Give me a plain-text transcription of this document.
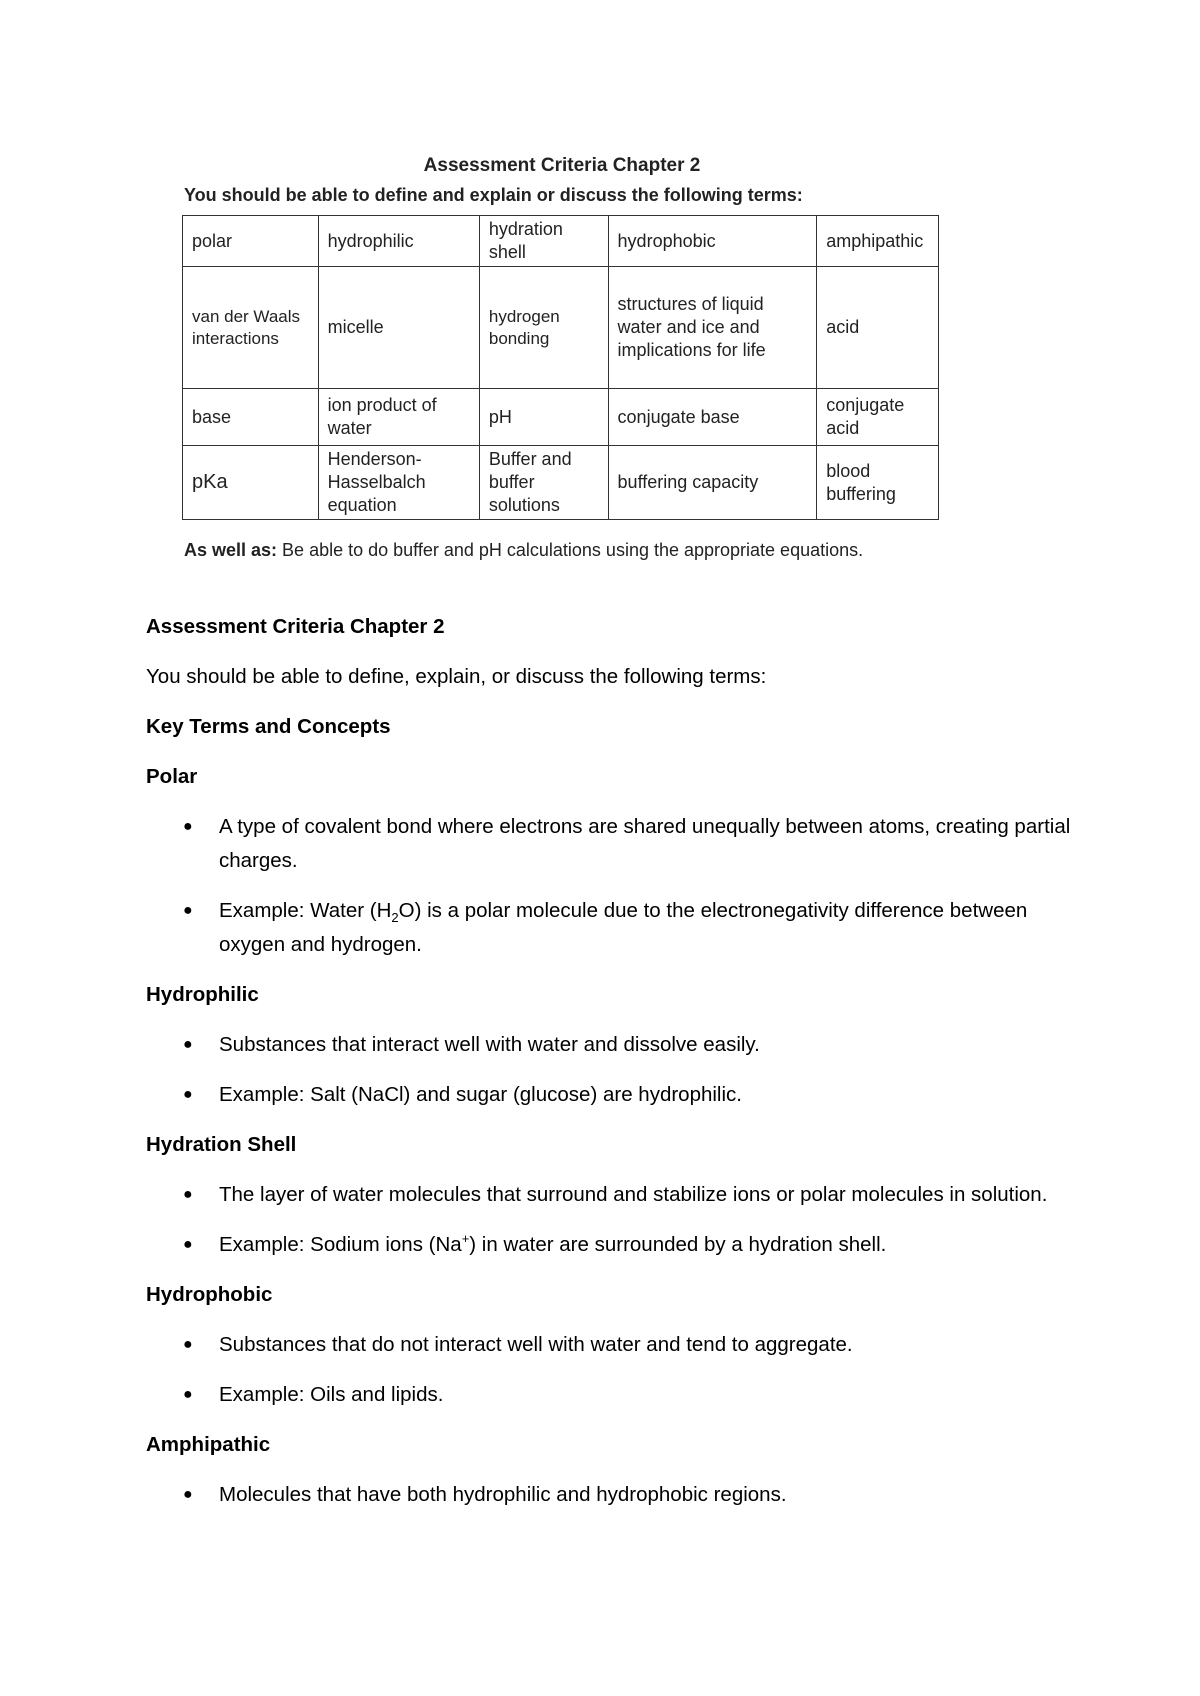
Assessment Criteria Chapter 2
You should be able to define and explain or discuss the following terms:
polar	hydrophilic	hydration shell	hydrophobic	amphipathic
van der Waals interactions	micelle	hydrogen bonding	structures of liquid water and ice and implications for life	acid
base	ion product of water	pH	conjugate base	conjugate acid
pKa	Henderson-Hasselbalch equation	Buffer and buffer solutions	buffering capacity	blood buffering
As well as: Be able to do buffer and pH calculations using the appropriate equations.
Assessment Criteria Chapter 2

You should be able to define, explain, or discuss the following terms:

Key Terms and Concepts
Polar
● A type of covalent bond where electrons are shared unequally between atoms, creating partial charges.
● Example: Water $(H_2O)$ is a polar molecule due to the electronegativity difference between oxygen and hydrogen.
Hydrophilic
● Substances that interact well with water and dissolve easily.
● Example: Salt (NaCl) and sugar (glucose) are hydrophilic.
Hydration Shell
● The layer of water molecules that surround and stabilize ions or polar molecules in solution.
● Example: Sodium ions (Na+) in water are surrounded by a hydration shell.
Hydrophobic
● Substances that do not interact well with water and tend to aggregate.
● Example: Oils and lipids.
Amphipathic
● Molecules that have both hydrophilic and hydrophobic regions.
